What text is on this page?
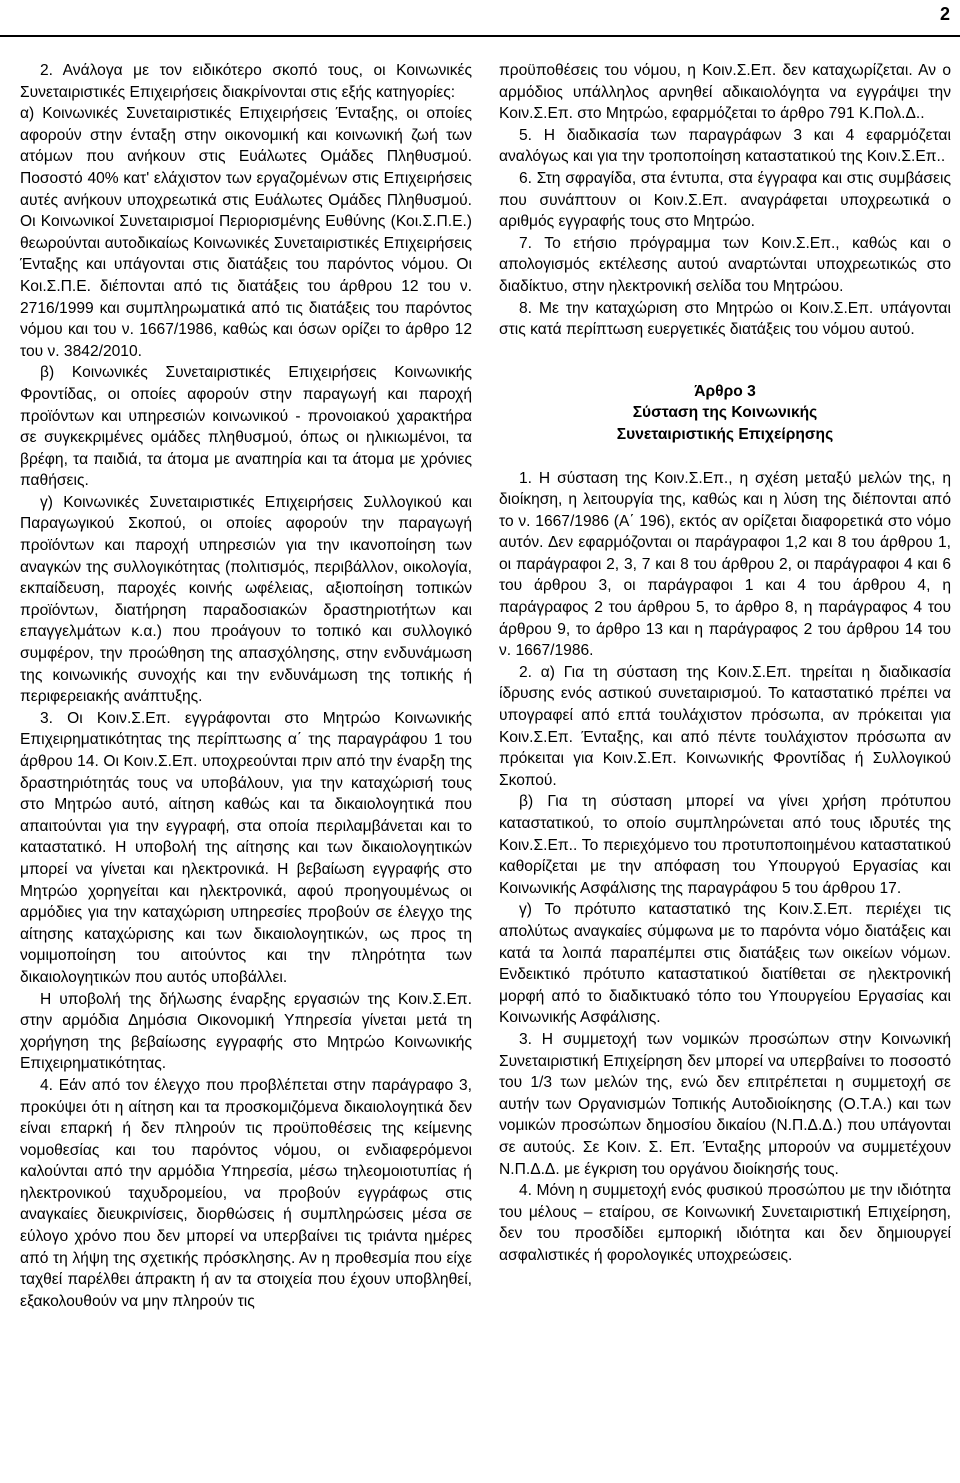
2

2. Ανάλογα με τον ειδικότερο σκοπό τους, οι Κοινωνικές Συνεταιριστικές Επιχειρήσεις διακρίνονται στις εξής κατηγορίες:

α) Κοινωνικές Συνεταιριστικές Επιχειρήσεις Ένταξης, οι οποίες αφορούν στην ένταξη στην οικονομική και κοινωνική ζωή των ατόμων που ανήκουν στις Ευάλωτες Ομάδες Πληθυσμού. Ποσοστό 40% κατ' ελάχιστον των εργαζομένων στις Επιχειρήσεις αυτές ανήκουν υποχρεωτικά στις Ευάλωτες Ομάδες Πληθυσμού. Οι Κοινωνικοί Συνεταιρισμοί Περιορισμένης Ευθύνης (Κοι.Σ.Π.Ε.) θεωρούνται αυτοδικαίως Κοινωνικές Συνεταιριστικές Επιχειρήσεις Ένταξης και υπάγονται στις διατάξεις του παρόντος νόμου. Οι Κοι.Σ.Π.Ε. διέπονται από τις διατάξεις του άρθρου 12 του ν. 2716/1999 και συμπληρωματικά από τις διατάξεις του παρόντος νόμου και του ν. 1667/1986, καθώς και όσων ορίζει το άρθρο 12 του ν. 3842/2010.

β) Κοινωνικές Συνεταιριστικές Επιχειρήσεις Κοινωνικής Φροντίδας, οι οποίες αφορούν στην παραγωγή και παροχή προϊόντων και υπηρεσιών κοινωνικού - προνοιακού χαρακτήρα σε συγκεκριμένες ομάδες πληθυσμού, όπως οι ηλικιωμένοι, τα βρέφη, τα παιδιά, τα άτομα με αναπηρία και τα άτομα με χρόνιες παθήσεις.

γ) Κοινωνικές Συνεταιριστικές Επιχειρήσεις Συλλογικού και Παραγωγικού Σκοπού, οι οποίες αφορούν την παραγωγή προϊόντων και παροχή υπηρεσιών για την ικανοποίηση των αναγκών της συλλογικότητας (πολιτισμός, περιβάλλον, οικολογία, εκπαίδευση, παροχές κοινής ωφέλειας, αξιοποίηση τοπικών προϊόντων, διατήρηση παραδοσιακών δραστηριοτήτων και επαγγελμάτων κ.α.) που προάγουν το τοπικό και συλλογικό συμφέρον, την προώθηση της απασχόλησης, στην ενδυνάμωση της κοινωνικής συνοχής και την ενδυνάμωση της τοπικής ή περιφερειακής ανάπτυξης.

3. Οι Κοιν.Σ.Επ. εγγράφονται στο Μητρώο Κοινωνικής Επιχειρηματικότητας της περίπτωσης α΄ της παραγράφου 1 του άρθρου 14. Οι Κοιν.Σ.Επ. υποχρεούνται πριν από την έναρξη της δραστηριότητάς τους να υποβάλουν, για την καταχώρισή τους στο Μητρώο αυτό, αίτηση καθώς και τα δικαιολογητικά που απαιτούνται για την εγγραφή, στα οποία περιλαμβάνεται και το καταστατικό. Η υποβολή της αίτησης και των δικαιολογητικών μπορεί να γίνεται και ηλεκτρονικά. Η βεβαίωση εγγραφής στο Μητρώο χορηγείται και ηλεκτρονικά, αφού προηγουμένως οι αρμόδιες για την καταχώριση υπηρεσίες προβούν σε έλεγχο της αίτησης καταχώρισης και των δικαιολογητικών, ως προς τη νομιμοποίηση του αιτούντος και την πληρότητα των δικαιολογητικών που αυτός υποβάλλει.

Η υποβολή της δήλωσης έναρξης εργασιών της Κοιν.Σ.Επ. στην αρμόδια Δημόσια Οικονομική Υπηρεσία γίνεται μετά τη χορήγηση της βεβαίωσης εγγραφής στο Μητρώο Κοινωνικής Επιχειρηματικότητας.

4. Εάν από τον έλεγχο που προβλέπεται στην παράγραφο 3, προκύψει ότι η αίτηση και τα προσκομιζόμενα δικαιολογητικά δεν είναι επαρκή ή δεν πληρούν τις προϋποθέσεις της κείμενης νομοθεσίας και του παρόντος νόμου, οι ενδιαφερόμενοι καλούνται από την αρμόδια Υπηρεσία, μέσω τηλεομοιοτυπίας ή ηλεκτρονικού ταχυδρομείου, να προβούν εγγράφως στις αναγκαίες διευκρινίσεις, διορθώσεις ή συμπληρώσεις μέσα σε εύλογο χρόνο που δεν μπορεί να υπερβαίνει τις τριάντα ημέρες από τη λήψη της σχετικής πρόσκλησης. Αν η προθεσμία που είχε ταχθεί παρέλθει άπρακτη ή αν τα στοιχεία που έχουν υποβληθεί, εξακολουθούν να μην πληρούν τις

προϋποθέσεις του νόμου, η Κοιν.Σ.Επ. δεν καταχωρίζεται. Αν ο αρμόδιος υπάλληλος αρνηθεί αδικαιολόγητα να εγγράψει την Κοιν.Σ.Επ. στο Μητρώο, εφαρμόζεται το άρθρο 791 Κ.Πολ.Δ..

5. Η διαδικασία των παραγράφων 3 και 4 εφαρμόζεται αναλόγως και για την τροποποίηση καταστατικού της Κοιν.Σ.Επ..

6. Στη σφραγίδα, στα έντυπα, στα έγγραφα και στις συμβάσεις που συνάπτουν οι Κοιν.Σ.Επ. αναγράφεται υποχρεωτικά ο αριθμός εγγραφής τους στο Μητρώο.

7. Το ετήσιο πρόγραμμα των Κοιν.Σ.Επ., καθώς και ο απολογισμός εκτέλεσης αυτού αναρτώνται υποχρεωτικώς στο διαδίκτυο, στην ηλεκτρονική σελίδα του Μητρώου.

8. Με την καταχώριση στο Μητρώο οι Κοιν.Σ.Επ. υπάγονται στις κατά περίπτωση ευεργετικές διατάξεις του νόμου αυτού.

Άρθρο 3
Σύσταση της Κοινωνικής
Συνεταιριστικής Επιχείρησης

1. Η σύσταση της Κοιν.Σ.Επ., η σχέση μεταξύ μελών της, η διοίκηση, η λειτουργία της, καθώς και η λύση της διέπονται από το ν. 1667/1986 (Α΄ 196), εκτός αν ορίζεται διαφορετικά στο νόμο αυτόν. Δεν εφαρμόζονται οι παράγραφοι 1,2 και 8 του άρθρου 1, οι παράγραφοι 2, 3, 7 και 8 του άρθρου 2, οι παράγραφοι 4 και 6 του άρθρου 3, οι παράγραφοι 1 και 4 του άρθρου 4, η παράγραφος 2 του άρθρου 5, το άρθρο 8, η παράγραφος 4 του άρθρου 9, το άρθρο 13 και η παράγραφος 2 του άρθρου 14 του ν. 1667/1986.

2. α) Για τη σύσταση της Κοιν.Σ.Επ. τηρείται η διαδικασία ίδρυσης ενός αστικού συνεταιρισμού. Το καταστατικό πρέπει να υπογραφεί από επτά τουλάχιστον πρόσωπα, αν πρόκειται για Κοιν.Σ.Επ. Ένταξης, και από πέντε τουλάχιστον πρόσωπα αν πρόκειται για Κοιν.Σ.Επ. Κοινωνικής Φροντίδας ή Συλλογικού Σκοπού.

β) Για τη σύσταση μπορεί να γίνει χρήση πρότυπου καταστατικού, το οποίο συμπληρώνεται από τους ιδρυτές της Κοιν.Σ.Επ.. Το περιεχόμενο του προτυποποιημένου καταστατικού καθορίζεται με την απόφαση του Υπουργού Εργασίας και Κοινωνικής Ασφάλισης της παραγράφου 5 του άρθρου 17.

γ) Το πρότυπο καταστατικό της Κοιν.Σ.Επ. περιέχει τις απολύτως αναγκαίες σύμφωνα με το παρόντα νόμο διατάξεις και κατά τα λοιπά παραπέμπει στις διατάξεις των οικείων νόμων. Ενδεικτικό πρότυπο καταστατικού διατίθεται σε ηλεκτρονική μορφή από το διαδικτυακό τόπο του Υπουργείου Εργασίας και Κοινωνικής Ασφάλισης.

3. Η συμμετοχή των νομικών προσώπων στην Κοινωνική Συνεταιριστική Επιχείρηση δεν μπορεί να υπερβαίνει το ποσοστό του 1/3 των μελών της, ενώ δεν επιτρέπεται η συμμετοχή σε αυτήν των Οργανισμών Τοπικής Αυτοδιοίκησης (Ο.Τ.Α.) και των νομικών προσώπων δημοσίου δικαίου (Ν.Π.Δ.Δ.) που υπάγονται σε αυτούς. Σε Κοιν. Σ. Επ. Ένταξης μπορούν να συμμετέχουν Ν.Π.Δ.Δ. με έγκριση του οργάνου διοίκησής τους.

4. Μόνη η συμμετοχή ενός φυσικού προσώπου με την ιδιότητα του μέλους – εταίρου, σε Κοινωνική Συνεταιριστική Επιχείρηση, δεν του προσδίδει εμπορική ιδιότητα και δεν δημιουργεί ασφαλιστικές ή φορολογικές υποχρεώσεις.
